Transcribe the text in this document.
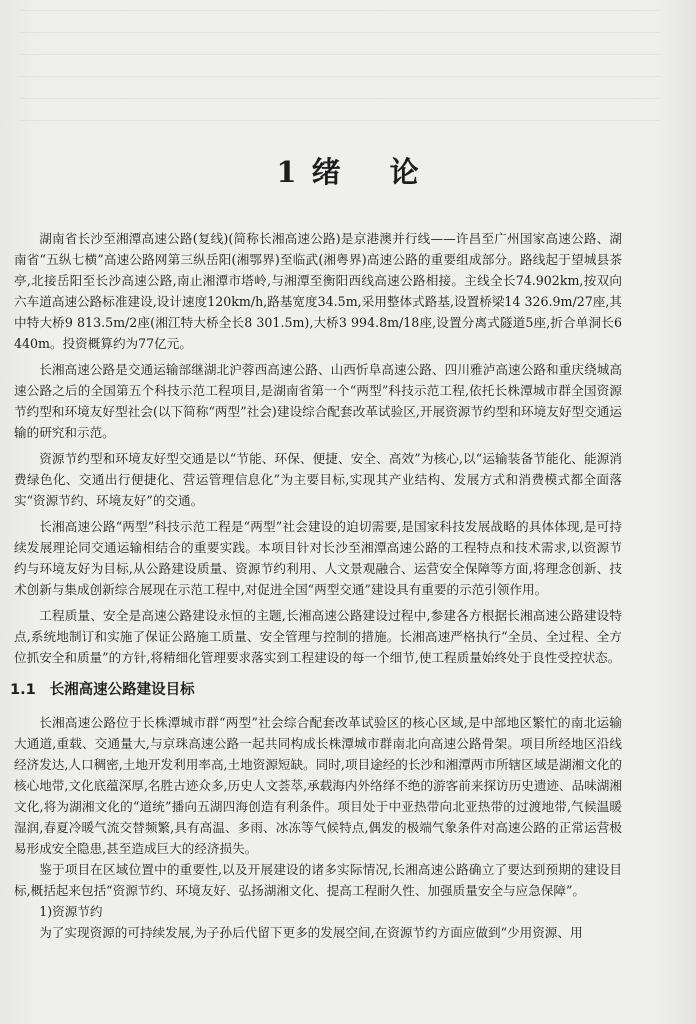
1 绪 论

湖南省长沙至湘潭高速公路(复线)(简称长湘高速公路)是京港澳并行线——许昌至广州国家高速公路、湖南省“五纵七横”高速公路网第三纵岳阳(湘鄂界)至临武(湘粤界)高速公路的重要组成部分。路线起于望城县茶亭,北接岳阳至长沙高速公路,南止湘潭市塔岭,与湘潭至衡阳西线高速公路相接。主线全长74.902km,按双向六车道高速公路标准建设,设计速度120km/h,路基宽度34.5m,采用整体式路基,设置桥梁14 326.9m/27座,其中特大桥9 813.5m/2座(湘江特大桥全长8 301.5m),大桥3 994.8m/18座,设置分离式隧道5座,折合单洞长6 440m。投资概算约为77亿元。

长湘高速公路是交通运输部继湖北沪蓉西高速公路、山西忻阜高速公路、四川雅泸高速公路和重庆绕城高速公路之后的全国第五个科技示范工程项目,是湖南省第一个“两型”科技示范工程,依托长株潭城市群全国资源节约型和环境友好型社会(以下简称“两型”社会)建设综合配套改革试验区,开展资源节约型和环境友好型交通运输的研究和示范。

资源节约型和环境友好型交通是以“节能、环保、便捷、安全、高效”为核心,以“运输装备节能化、能源消费绿色化、交通出行便捷化、营运管理信息化”为主要目标,实现其产业结构、发展方式和消费模式都全面落实“资源节约、环境友好”的交通。

长湘高速公路“两型”科技示范工程是“两型”社会建设的迫切需要,是国家科技发展战略的具体体现,是可持续发展理论同交通运输相结合的重要实践。本项目针对长沙至湘潭高速公路的工程特点和技术需求,以资源节约与环境友好为目标,从公路建设质量、资源节约利用、人文景观融合、运营安全保障等方面,将理念创新、技术创新与集成创新综合展现在示范工程中,对促进全国“两型交通”建设具有重要的示范引领作用。

工程质量、安全是高速公路建设永恒的主题,长湘高速公路建设过程中,参建各方根据长湘高速公路建设特点,系统地制订和实施了保证公路施工质量、安全管理与控制的措施。长湘高速严格执行“全员、全过程、全方位抓安全和质量”的方针,将精细化管理要求落实到工程建设的每一个细节,使工程质量始终处于良性受控状态。

1.1 长湘高速公路建设目标

长湘高速公路位于长株潭城市群“两型”社会综合配套改革试验区的核心区域,是中部地区繁忙的南北运输大通道,重载、交通量大,与京珠高速公路一起共同构成长株潭城市群南北向高速公路骨架。项目所经地区沿线经济发达,人口稠密,土地开发利用率高,土地资源短缺。同时,项目途经的长沙和湘潭两市所辖区域是湖湘文化的核心地带,文化底蕴深厚,名胜古迹众多,历史人文荟萃,承载海内外络绎不绝的游客前来探访历史遗迹、品味湖湘文化,将为湖湘文化的“道统”播向五湖四海创造有利条件。项目处于中亚热带向北亚热带的过渡地带,气候温暖湿润,春夏冷暖气流交替频繁,具有高温、多雨、冰冻等气候特点,偶发的极端气象条件对高速公路的正常运营极易形成安全隐患,甚至造成巨大的经济损失。

鉴于项目在区域位置中的重要性,以及开展建设的诸多实际情况,长湘高速公路确立了要达到预期的建设目标,概括起来包括“资源节约、环境友好、弘扬湖湘文化、提高工程耐久性、加强质量安全与应急保障”。

1)资源节约

为了实现资源的可持续发展,为子孙后代留下更多的发展空间,在资源节约方面应做到“少用资源、用
